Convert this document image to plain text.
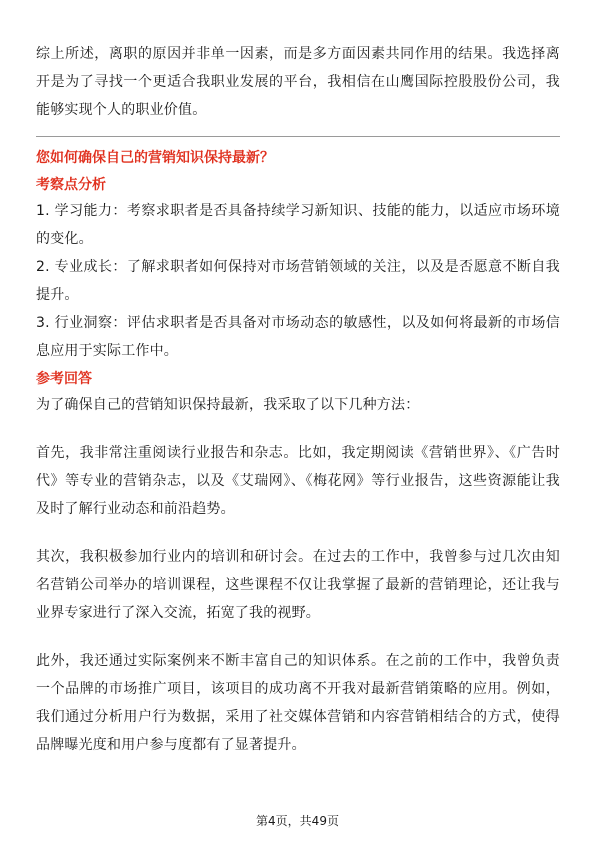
综上所述，离职的原因并非单一因素，而是多方面因素共同作用的结果。我选择离开是为了寻找一个更适合我职业发展的平台，我相信在山鹰国际控股股份公司，我能够实现个人的职业价值。

您如何确保自己的营销知识保持最新？

考察点分析

1. 学习能力：考察求职者是否具备持续学习新知识、技能的能力，以适应市场环境的变化。

2. 专业成长：了解求职者如何保持对市场营销领域的关注，以及是否愿意不断自我提升。

3. 行业洞察：评估求职者是否具备对市场动态的敏感性，以及如何将最新的市场信息应用于实际工作中。

参考回答

为了确保自己的营销知识保持最新，我采取了以下几种方法：

首先，我非常注重阅读行业报告和杂志。比如，我定期阅读《营销世界》、《广告时代》等专业的营销杂志，以及《艾瑞网》、《梅花网》等行业报告，这些资源能让我及时了解行业动态和前沿趋势。

其次，我积极参加行业内的培训和研讨会。在过去的工作中，我曾参与过几次由知名营销公司举办的培训课程，这些课程不仅让我掌握了最新的营销理论，还让我与业界专家进行了深入交流，拓宽了我的视野。

此外，我还通过实际案例来不断丰富自己的知识体系。在之前的工作中，我曾负责一个品牌的市场推广项目，该项目的成功离不开我对最新营销策略的应用。例如，我们通过分析用户行为数据，采用了社交媒体营销和内容营销相结合的方式，使得品牌曝光度和用户参与度都有了显著提升。

第4页，共49页
